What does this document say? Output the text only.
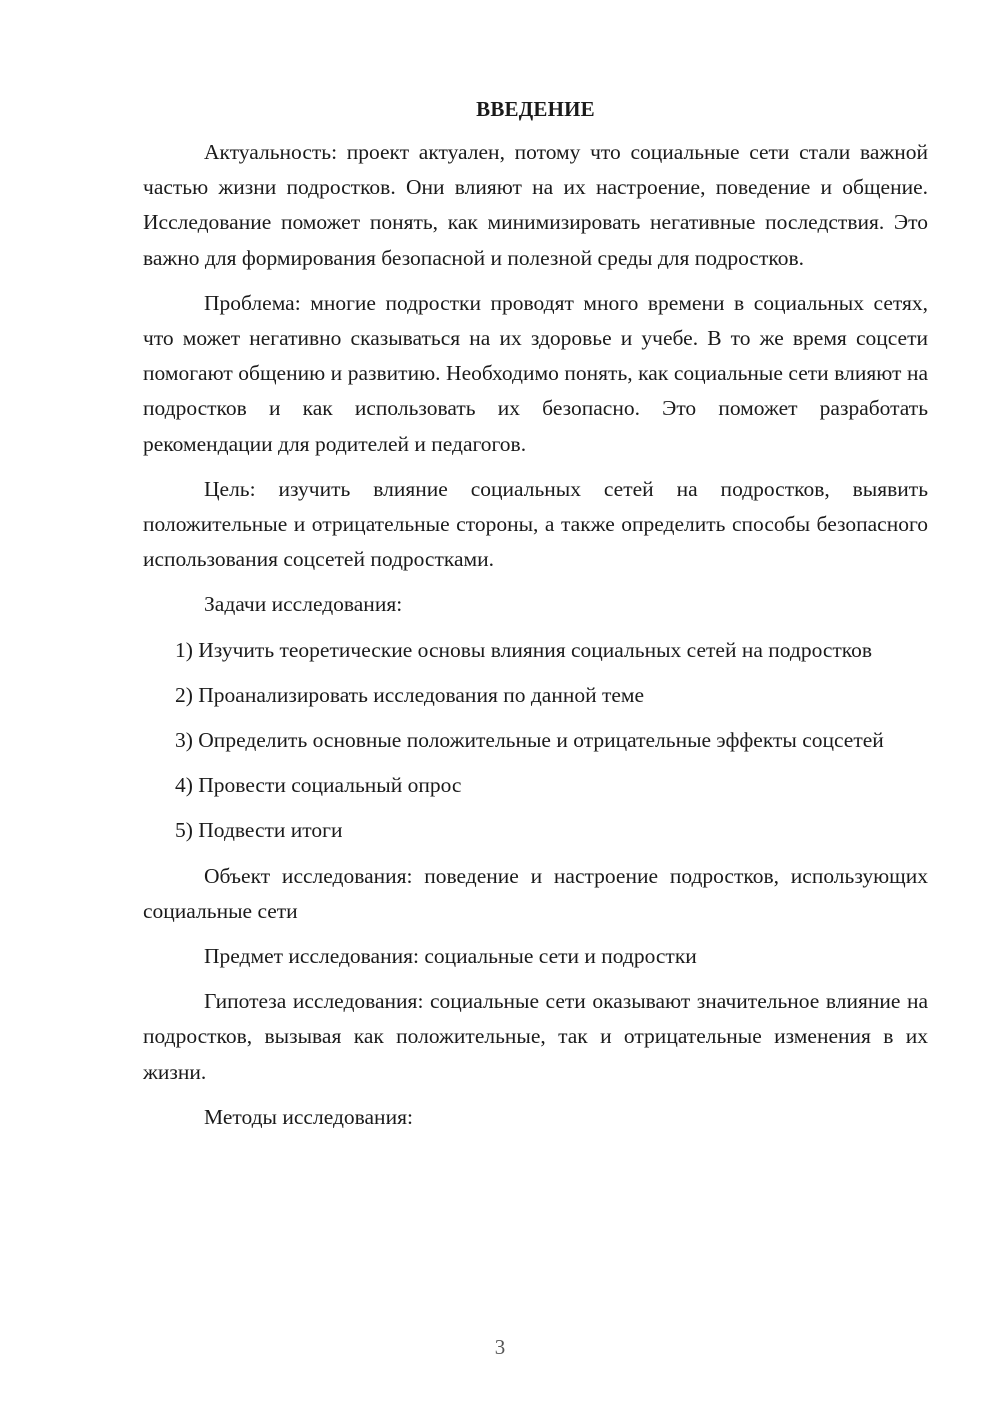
ВВЕДЕНИЕ

Актуальность: проект актуален, потому что социальные сети стали важной частью жизни подростков. Они влияют на их настроение, поведение и общение. Исследование поможет понять, как минимизировать негативные последствия. Это важно для формирования безопасной и полезной среды для подростков.

Проблема: многие подростки проводят много времени в социальных сетях, что может негативно сказываться на их здоровье и учебе. В то же время соцсети помогают общению и развитию. Необходимо понять, как социальные сети влияют на подростков и как использовать их безопасно. Это поможет разработать рекомендации для родителей и педагогов.

Цель: изучить влияние социальных сетей на подростков, выявить положительные и отрицательные стороны, а также определить способы безопасного использования соцсетей подростками.

Задачи исследования:

1) Изучить теоретические основы влияния социальных сетей на подростков

2) Проанализировать исследования по данной теме

3) Определить основные положительные и отрицательные эффекты соцсетей

4) Провести социальный опрос

5) Подвести итоги

Объект исследования: поведение и настроение подростков, использующих социальные сети

Предмет исследования: социальные сети и подростки

Гипотеза исследования: социальные сети оказывают значительное влияние на подростков, вызывая как положительные, так и отрицательные изменения в их жизни.

Методы исследования:

3
